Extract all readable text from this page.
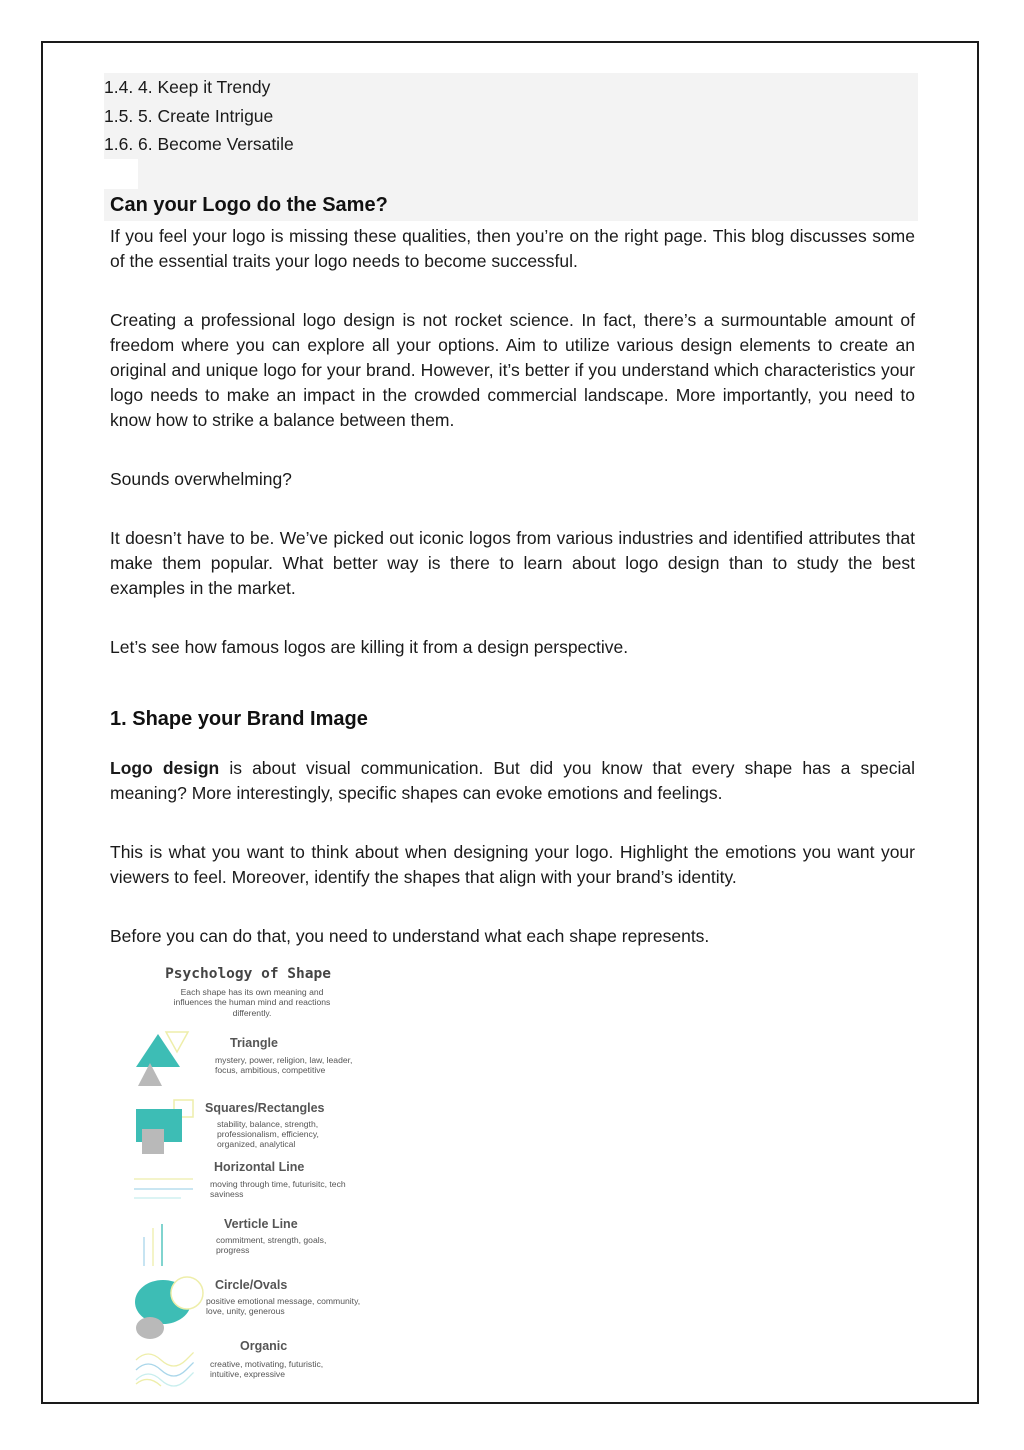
1.4. 4. Keep it Trendy
1.5. 5. Create Intrigue
1.6. 6. Become Versatile
Can your Logo do the Same?

If you feel your logo is missing these qualities, then you’re on the right page. This blog discusses some of the essential traits your logo needs to become successful.

Creating a professional logo design is not rocket science. In fact, there’s a surmountable amount of freedom where you can explore all your options. Aim to utilize various design elements to create an original and unique logo for your brand. However, it’s better if you understand which characteristics your logo needs to make an impact in the crowded commercial landscape. More importantly, you need to know how to strike a balance between them.

Sounds overwhelming?

It doesn’t have to be. We’ve picked out iconic logos from various industries and identified attributes that make them popular. What better way is there to learn about logo design than to study the best examples in the market.

Let’s see how famous logos are killing it from a design perspective.

1. Shape your Brand Image

Logo design is about visual communication. But did you know that every shape has a special meaning? More interestingly, specific shapes can evoke emotions and feelings.

This is what you want to think about when designing your logo. Highlight the emotions you want your viewers to feel. Moreover, identify the shapes that align with your brand’s identity.

Before you can do that, you need to understand what each shape represents.

Psychology of Shape
Each shape has its own meaning and influences the human mind and reactions differently.
Triangle
mystery, power, religion, law, leader, focus, ambitious, competitive
Squares/Rectangles
stability, balance, strength, professionalism, efficiency, organized, analytical
Horizontal Line
moving through time, futurisitc, tech saviness
Verticle Line
commitment, strength, goals, progress
Circle/Ovals
positive emotional message, community, love, unity, generous
Organic
creative, motivating, futuristic, intuitive, expressive
